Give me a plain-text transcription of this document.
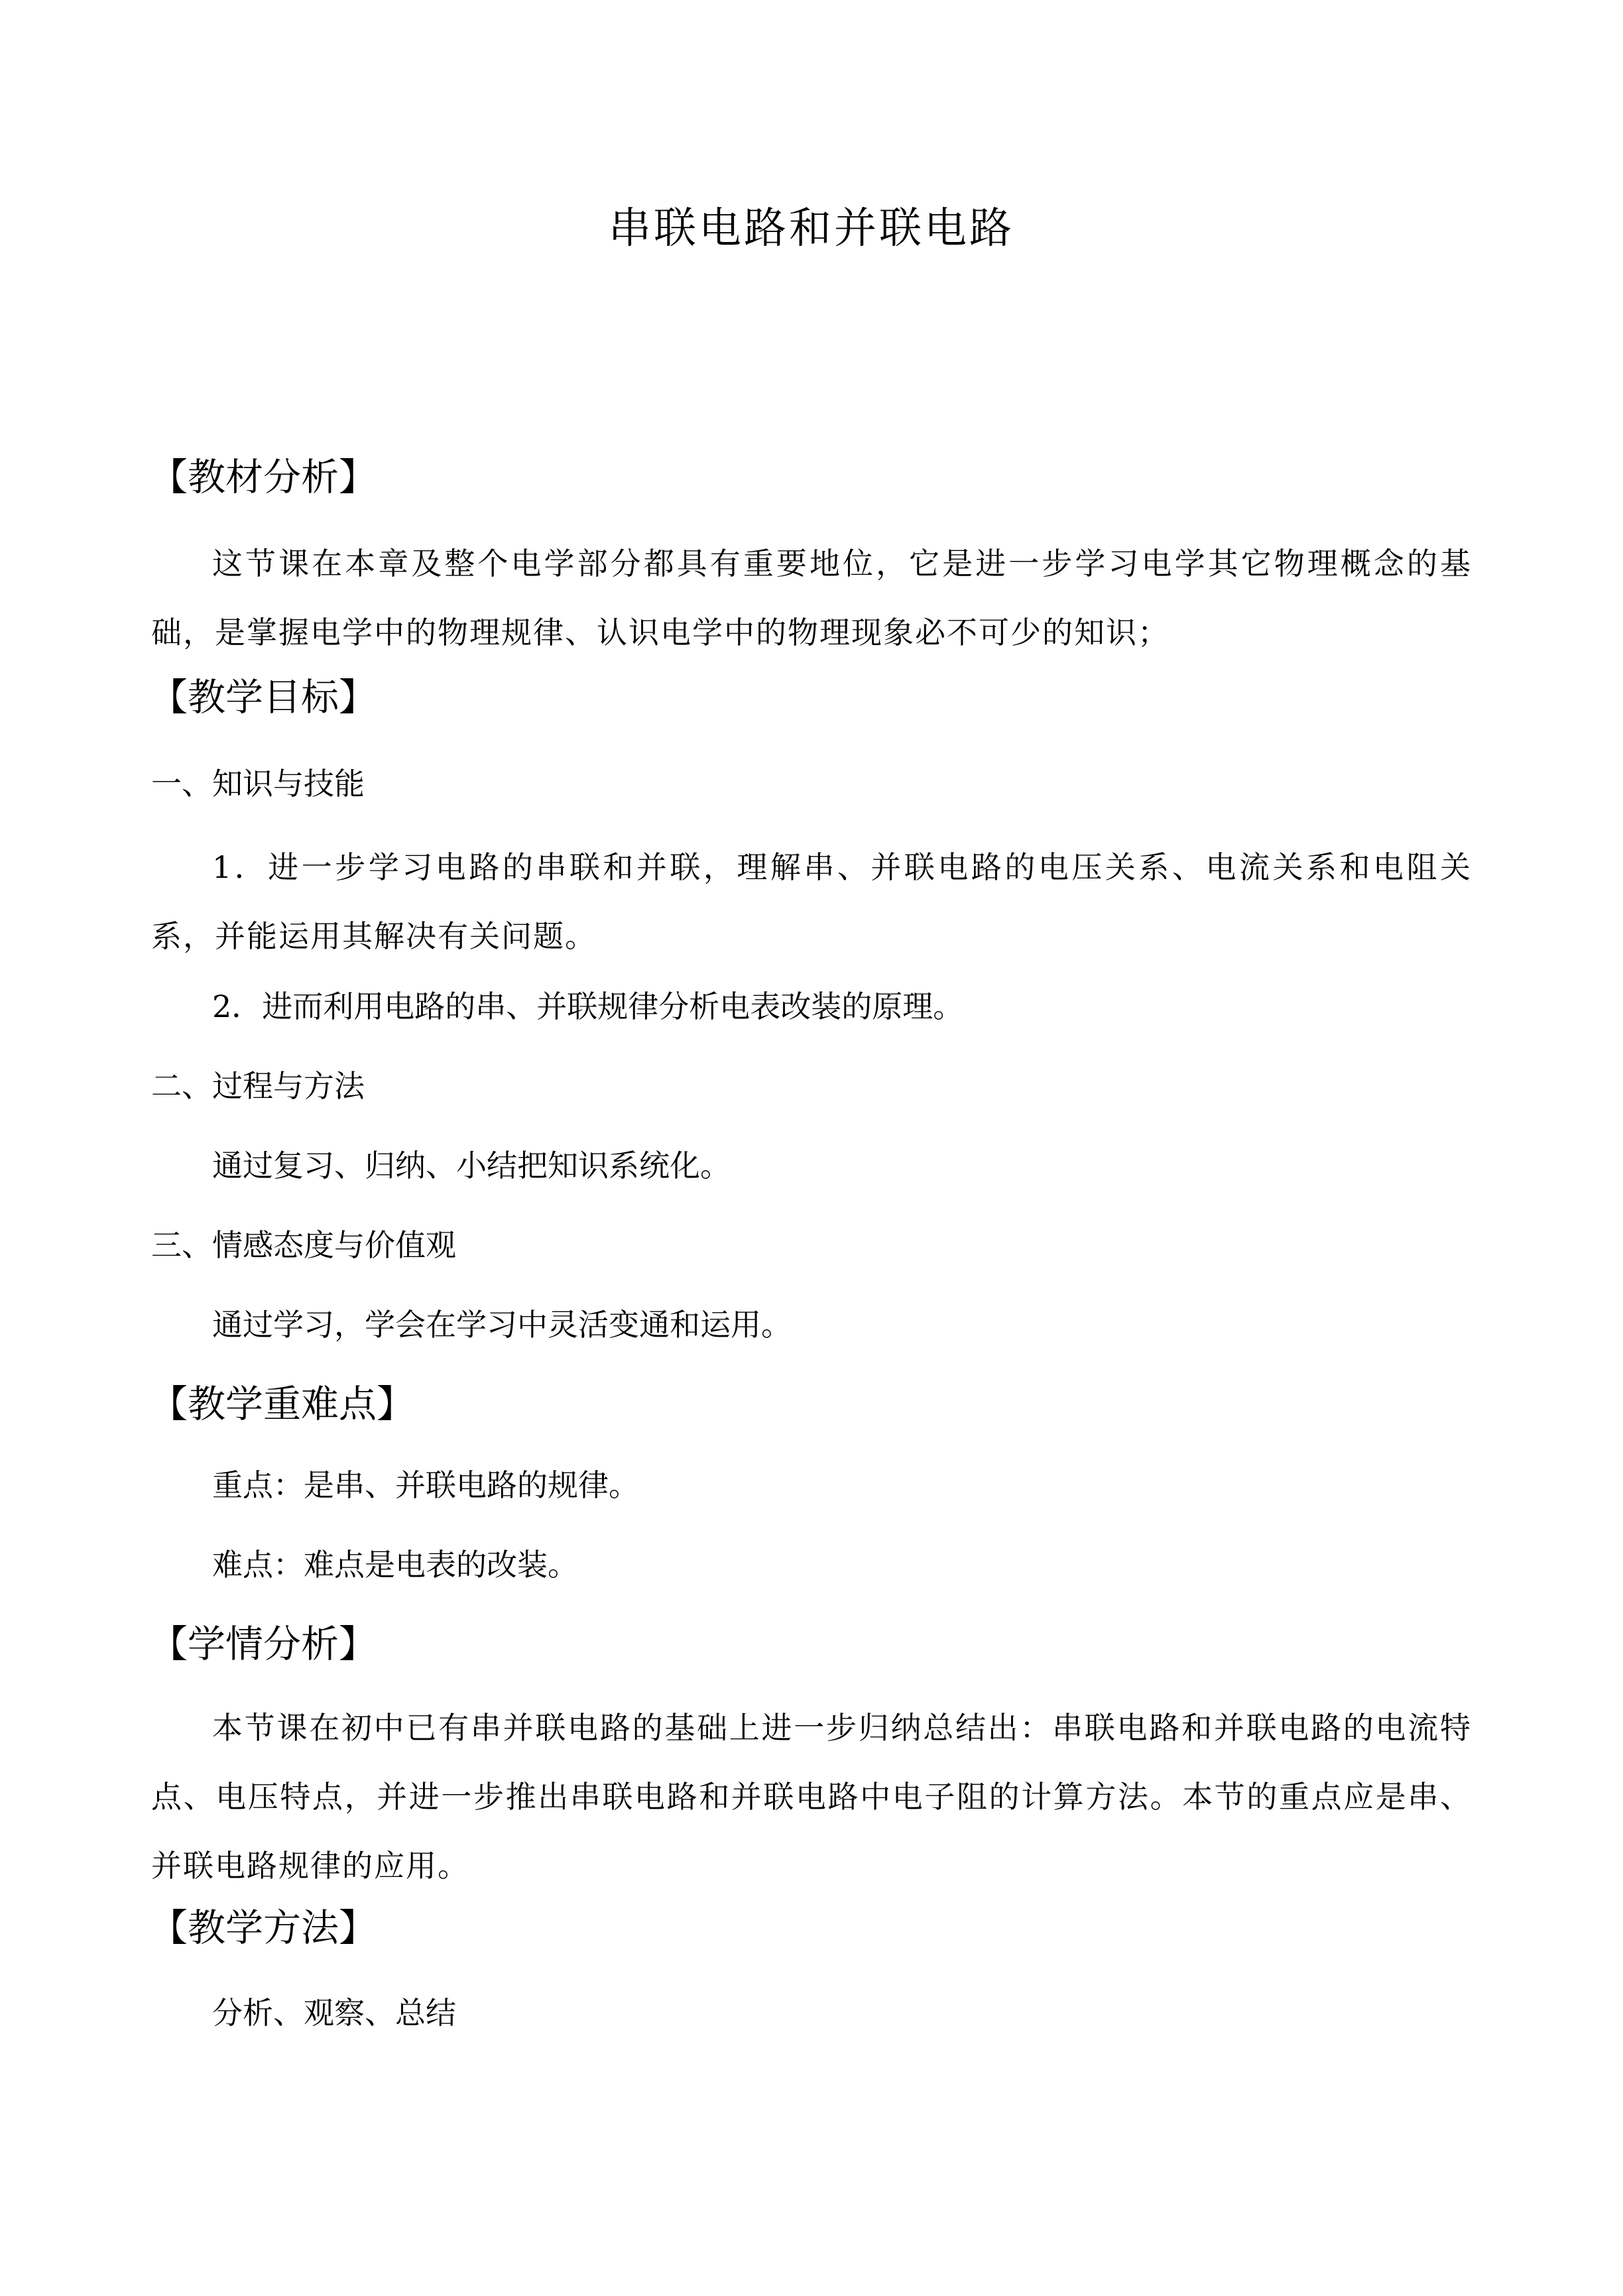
串联电路和并联电路
【教材分析】

这节课在本章及整个电学部分都具有重要地位，它是进一步学习电学其它物理概念的基础，是掌握电学中的物理规律、认识电学中的物理现象必不可少的知识；

【教学目标】
一、知识与技能

1．进一步学习电路的串联和并联，理解串、并联电路的电压关系、电流关系和电阻关系，并能运用其解决有关问题。

2．进而利用电路的串、并联规律分析电表改装的原理。
二、过程与方法
通过复习、归纳、小结把知识系统化。
三、情感态度与价值观
通过学习，学会在学习中灵活变通和运用。
【教学重难点】
重点：是串、并联电路的规律。
难点：难点是电表的改装。
【学情分析】

本节课在初中已有串并联电路的基础上进一步归纳总结出：串联电路和并联电路的电流特点、电压特点，并进一步推出串联电路和并联电路中电子阻的计算方法。本节的重点应是串、并联电路规律的应用。

【教学方法】
分析、观察、总结
